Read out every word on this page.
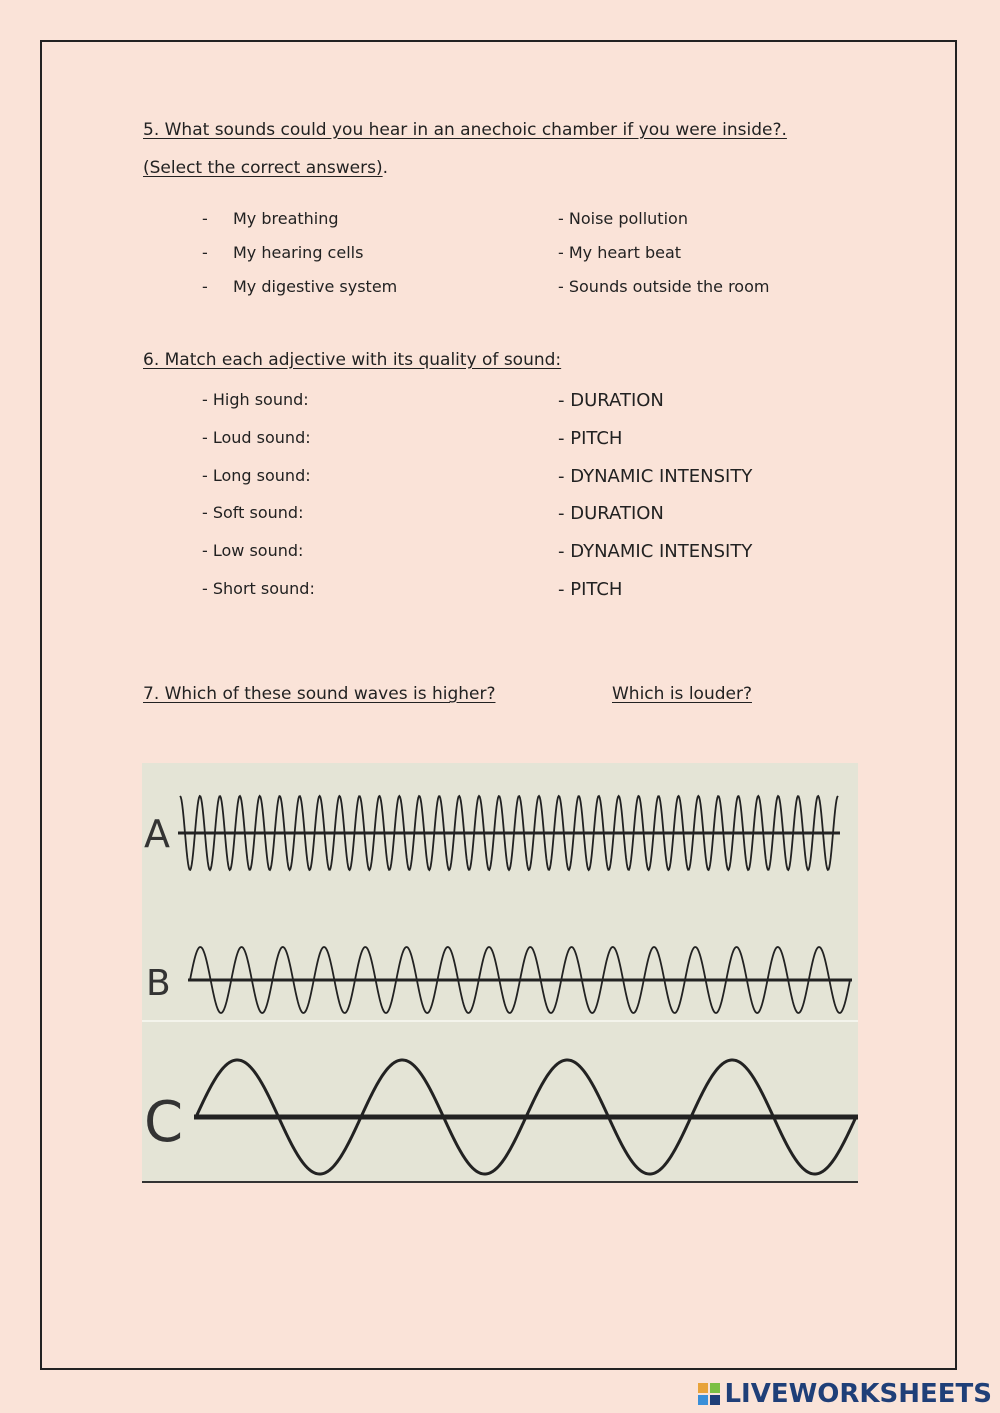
5. What sounds could you hear in an anechoic chamber if you were inside?.
(Select the correct answers).
-
-
-
My breathing
My hearing cells
My digestive system
- Noise pollution
- My heart beat
- Sounds outside the room
6. Match each adjective with its quality of sound:
- High sound:
- Loud sound:
- Long sound:
- Soft sound:
- Low sound:
- Short sound:
- DURATION
- PITCH
- DYNAMIC INTENSITY
- DURATION
- DYNAMIC INTENSITY
- PITCH
7. Which of these sound waves is higher?	Which is louder?
A
B
C
LIVEWORKSHEETS
